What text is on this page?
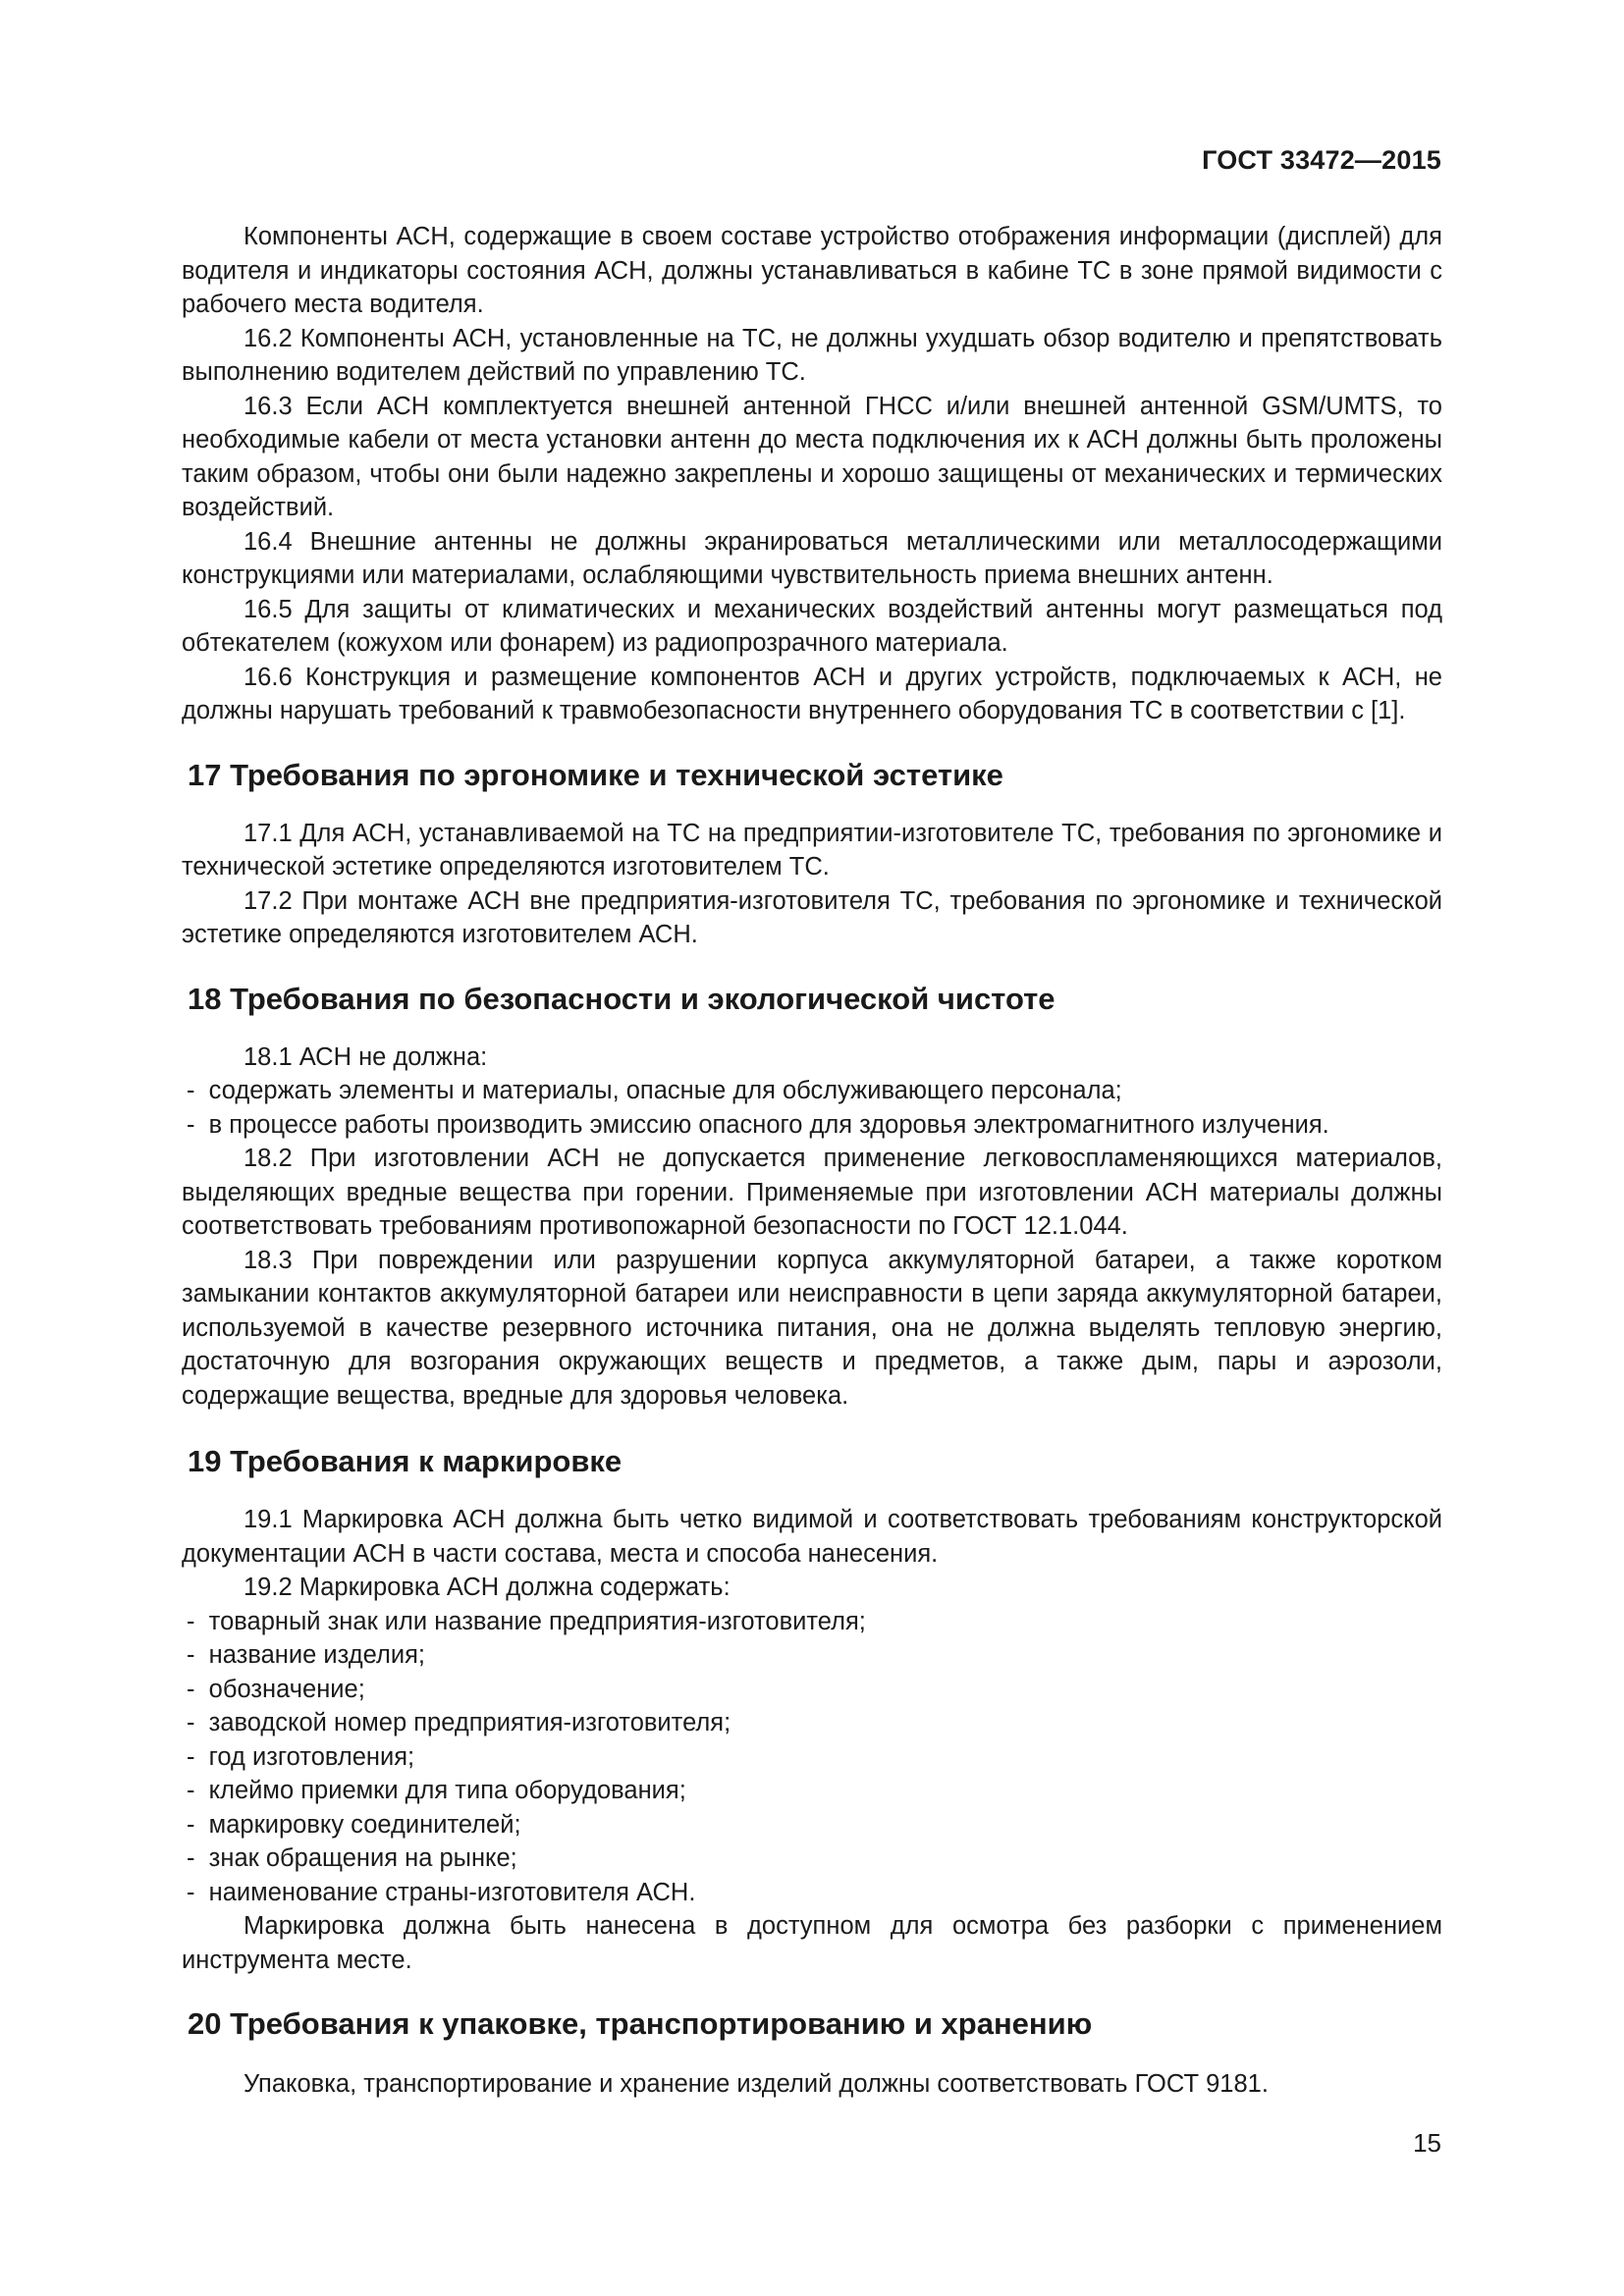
ГОСТ 33472—2015

Компоненты АСН, содержащие в своем составе устройство отображения информации (дисплей) для водителя и индикаторы состояния АСН, должны устанавливаться в кабине ТС в зоне прямой видимости с рабочего места водителя.

16.2 Компоненты АСН, установленные на ТС, не должны ухудшать обзор водителю и препятствовать выполнению водителем действий по управлению ТС.

16.3 Если АСН комплектуется внешней антенной ГНСС и/или внешней антенной GSM/UMTS, то необходимые кабели от места установки антенн до места подключения их к АСН должны быть проложены таким образом, чтобы они были надежно закреплены и хорошо защищены от механических и термических воздействий.

16.4 Внешние антенны не должны экранироваться металлическими или металлосодержащими конструкциями или материалами, ослабляющими чувствительность приема внешних антенн.

16.5 Для защиты от климатических и механических воздействий антенны могут размещаться под обтекателем (кожухом или фонарем) из радиопрозрачного материала.

16.6 Конструкция и размещение компонентов АСН и других устройств, подключаемых к АСН, не должны нарушать требований к травмобезопасности внутреннего оборудования ТС в соответствии с [1].

17 Требования по эргономике и технической эстетике

17.1 Для АСН, устанавливаемой на ТС на предприятии-изготовителе ТС, требования по эргономике и технической эстетике определяются изготовителем ТС.

17.2 При монтаже АСН вне предприятия-изготовителя ТС, требования по эргономике и технической эстетике определяются изготовителем АСН.

18 Требования по безопасности и экологической чистоте

18.1 АСН не должна:

-  содержать элементы и материалы, опасные для обслуживающего персонала;
-  в процессе работы производить эмиссию опасного для здоровья электромагнитного излучения.

18.2 При изготовлении АСН не допускается применение легковоспламеняющихся материалов, выделяющих вредные вещества при горении. Применяемые при изготовлении АСН материалы должны соответствовать требованиям противопожарной безопасности по ГОСТ 12.1.044.

18.3 При повреждении или разрушении корпуса аккумуляторной батареи, а также коротком замыкании контактов аккумуляторной батареи или неисправности в цепи заряда аккумуляторной батареи, используемой в качестве резервного источника питания, она не должна выделять тепловую энергию, достаточную для возгорания окружающих веществ и предметов, а также дым, пары и аэрозоли, содержащие вещества, вредные для здоровья человека.

19 Требования к маркировке

19.1 Маркировка АСН должна быть четко видимой и соответствовать требованиям конструкторской документации АСН в части состава, места и способа нанесения.

19.2 Маркировка АСН должна содержать:

-  товарный знак или название предприятия-изготовителя;
-  название изделия;
-  обозначение;
-  заводской номер предприятия-изготовителя;
-  год изготовления;
-  клеймо приемки для типа оборудования;
-  маркировку соединителей;
-  знак обращения на рынке;
-  наименование страны-изготовителя АСН.

Маркировка должна быть нанесена в доступном для осмотра без разборки с применением инструмента месте.

20 Требования к упаковке, транспортированию и хранению

Упаковка, транспортирование и хранение изделий должны соответствовать ГОСТ 9181.

15
